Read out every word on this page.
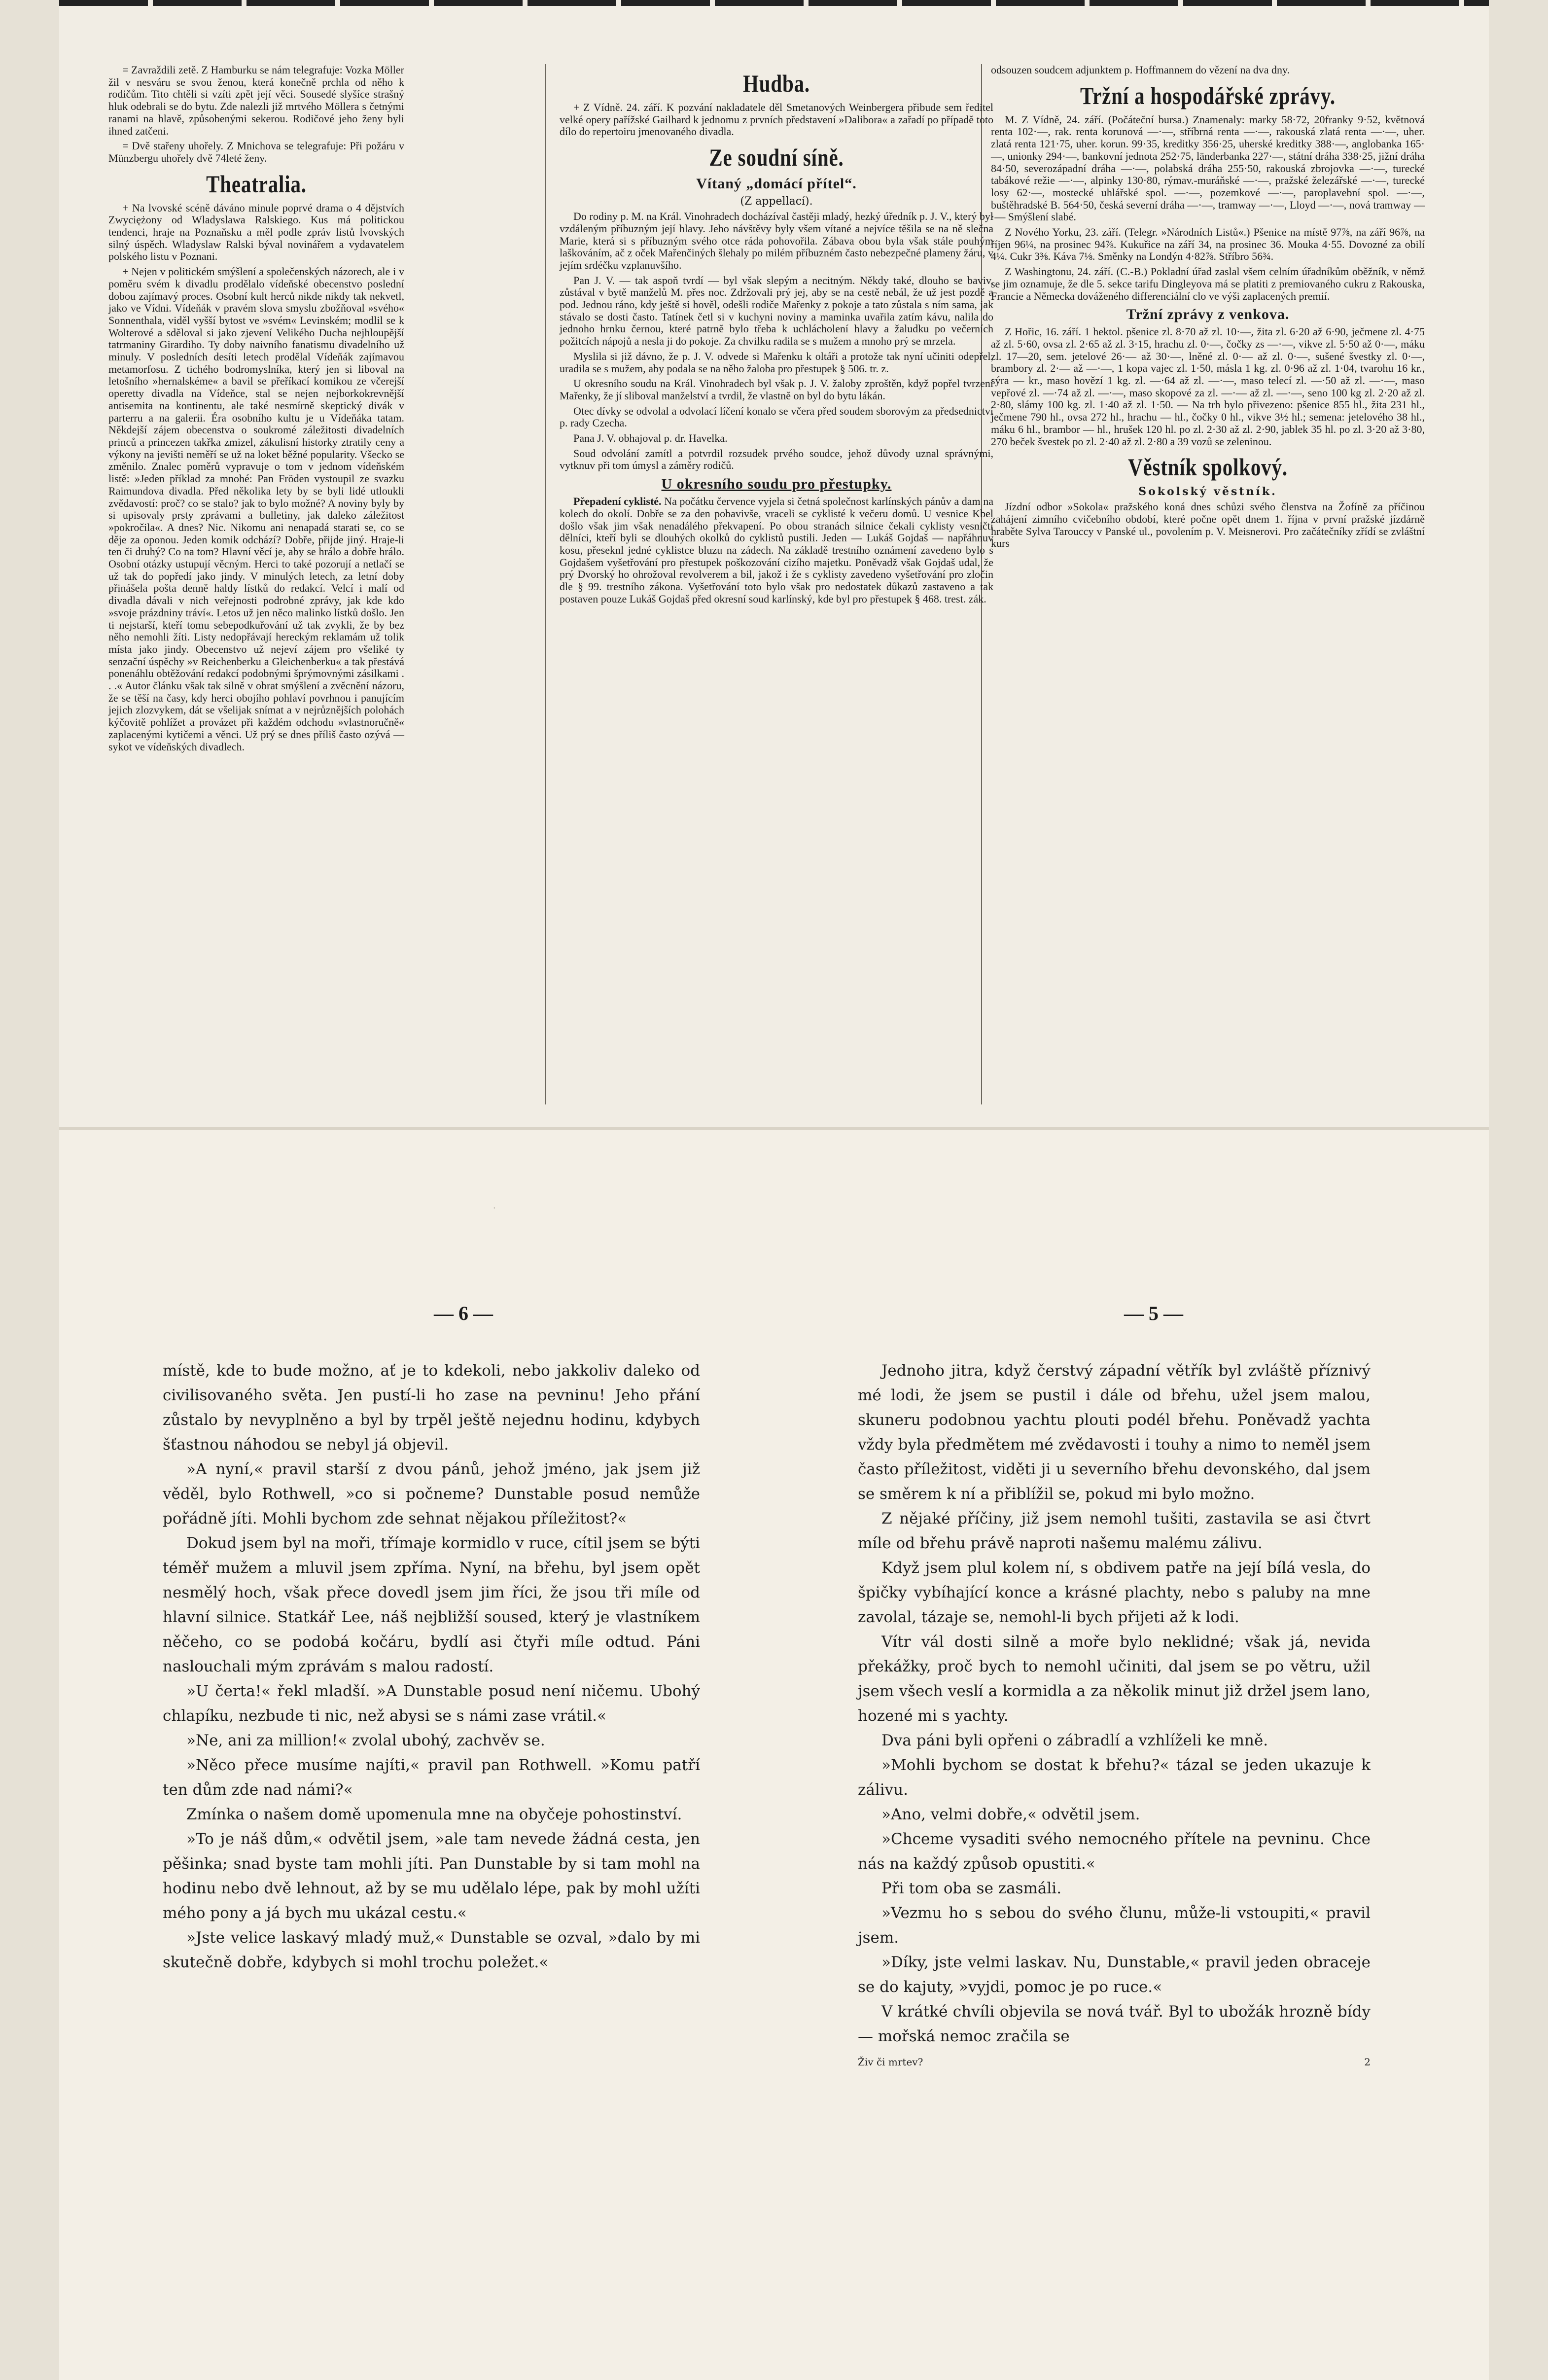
= Zavraždili zetě. Z Hamburku se nám telegrafuje: Vozka Möller žil v nesváru se svou ženou, která konečně prchla od něho k rodičům. Tito chtěli si vzíti zpět její věci. Sousedé slyšíce strašný hluk odebrali se do bytu. Zde nalezli již mrtvého Möllera s četnými ranami na hlavě, způsobenými sekerou. Rodičové jeho ženy byli ihned zatčeni.

= Dvě stařeny uhořely. Z Mnichova se telegrafuje: Při požáru v Münzbergu uhořely dvě 74leté ženy.

Theatralia.

+ Na lvovské scéně dáváno minule poprvé drama o 4 dějstvích Zwyciężony od Wladyslawa Ralskiego. Kus má politickou tendenci, hraje na Poznaňsku a měl podle zpráv listů lvovských silný úspěch. Wladyslaw Ralski býval novinářem a vydavatelem polského listu v Poznani.

+ Nejen v politickém smýšlení a společenských názorech, ale i v poměru svém k divadlu prodělalo vídeňské obecenstvo poslední dobou zajímavý proces. Osobní kult herců nikde nikdy tak nekvetl, jako ve Vídni. Vídeňák v pravém slova smyslu zbožňoval »svého« Sonnenthala, viděl vyšší bytost ve »svém« Levinském; modlil se k Wolterové a sděloval si jako zjevení Velikého Ducha nejhloupější tatrmaniny Girardiho. Ty doby naivního fanatismu divadelního už minuly. V posledních desíti letech prodělal Vídeňák zajímavou metamorfosu. Z tichého bodromyslníka, který jen si liboval na letošního »hernalskéme« a bavil se přeříkací komikou ze včerejší operetty divadla na Vídeňce, stal se nejen nejborkokrevnější antisemita na kontinentu, ale také nesmírně skeptický divák v parterru a na galerii. Éra osobního kultu je u Vídeňáka tatam. Někdejší zájem obecenstva o soukromé záležitosti divadelních princů a princezen takřka zmizel, zákulisní historky ztratily ceny a výkony na jevišti neměří se už na loket běžné popularity. Všecko se změnilo. Znalec poměrů vypravuje o tom v jednom vídeňském listě: »Jeden příklad za mnohé: Pan Fröden vystoupil ze svazku Raimundova divadla. Před několika lety by se byli lidé utloukli zvědavostí: proč? co se stalo? jak to bylo možné? A noviny byly by si upisovaly prsty zprávami a bulletiny, jak daleko záležitost »pokročila«. A dnes? Nic. Nikomu ani nenapadá starati se, co se děje za oponou. Jeden komik odchází? Dobře, přijde jiný. Hraje-li ten či druhý? Co na tom? Hlavní věcí je, aby se hrálo a dobře hrálo. Osobní otázky ustupují věcným. Herci to také pozorují a netlačí se už tak do popředí jako jindy. V minulých letech, za letní doby přinášela pošta denně haldy lístků do redakcí. Velcí i malí od divadla dávali v nich veřejnosti podrobné zprávy, jak kde kdo »svoje prázdniny tráví«. Letos už jen něco malinko lístků došlo. Jen ti nejstarší, kteří tomu sebepodkuřování už tak zvykli, že by bez něho nemohli žíti. Listy nedopřávají hereckým reklamám už tolik místa jako jindy. Obecenstvo už nejeví zájem pro všeliké ty senzační úspěchy »v Reichenberku a Gleichenberku« a tak přestává ponenáhlu obtěžování redakcí podobnými šprýmovnými zásilkami . . .« Autor článku však tak silně v obrat smýšlení a zvěcnění názoru, že se těší na časy, kdy herci obojího pohlaví povrhnou i panujícím jejich zlozvykem, dát se všelijak snímat a v nejrůznějších polohách kýčovitě pohlížet a provázet při každém odchodu »vlastnoručně« zaplacenými kytičemi a věnci. Už prý se dnes příliš často ozývá — sykot ve vídeňských divadlech.

Hudba.

+ Z Vídně. 24. září. K pozvání nakladatele děl Smetanových Weinbergera přibude sem ředitel velké opery pařížské Gailhard k jednomu z prvních představení »Dalibora« a zařadí po případě toto dílo do repertoiru jmenovaného divadla.

Ze soudní síně.
Vítaný „domácí přítel“.
(Z appellací).

Do rodiny p. M. na Král. Vinohradech docházíval častěji mladý, hezký úředník p. J. V., který byl vzdáleným příbuzným její hlavy. Jeho návštěvy byly všem vítané a nejvíce těšila se na ně slečna Marie, která si s příbuzným svého otce ráda pohovořila. Zábava obou byla však stále pouhým laškováním, ač z oček Mařenčiných šlehaly po milém příbuzném často nebezpečné plameny žáru, v jejím srdéčku vzplanuvšího.

Pan J. V. — tak aspoň tvrdí — byl však slepým a necitným. Někdy také, dlouho se baviv, zůstával v bytě manželů M. přes noc. Zdržovali prý jej, aby se na cestě nebál, že už jest pozdě a pod. Jednou ráno, kdy ještě si hověl, odešli rodiče Mařenky z pokoje a tato zůstala s ním sama, jak stávalo se dosti často. Tatínek četl si v kuchyni noviny a maminka uvařila zatím kávu, nalila do jednoho hrnku černou, které patrně bylo třeba k uchlácholení hlavy a žaludku po večerních požitcích nápojů a nesla ji do pokoje. Za chvilku radila se s mužem a mnoho prý se mrzela.

Myslila si již dávno, že p. J. V. odvede si Mařenku k oltáři a protože tak nyní učiniti odepřel, uradila se s mužem, aby podala se na něho žaloba pro přestupek § 506. tr. z.

U okresního soudu na Král. Vinohradech byl však p. J. V. žaloby zproštěn, když popřel tvrzení Mařenky, že jí sliboval manželství a tvrdil, že vlastně on byl do bytu lákán.

Otec dívky se odvolal a odvolací líčení konalo se včera před soudem sborovým za předsednictví p. rady Czecha.

Pana J. V. obhajoval p. dr. Havelka.

Soud odvolání zamítl a potvrdil rozsudek prvého soudce, jehož důvody uznal správnými, vytknuv při tom úmysl a záměry rodičů.

U okresního soudu pro přestupky.

Přepadení cyklisté. Na počátku července vyjela si četná společnost karlínských pánův a dam na kolech do okolí. Dobře se za den pobavivše, vraceli se cyklisté k večeru domů. U vesnice Kbel došlo však jim však nenadálého překvapení. Po obou stranách silnice čekali cyklisty vesničtí dělníci, kteří byli se dlouhých okolků do cyklistů pustili. Jeden — Lukáš Gojdaš — napřáhnuv kosu, přeseknl jedné cyklistce bluzu na zádech. Na základě trestního oznámení zavedeno bylo s Gojdašem vyšetřování pro přestupek poškozování cizího majetku. Poněvadž však Gojdaš udal, že prý Dvorský ho ohrožoval revolverem a bil, jakož i že s cyklisty zavedeno vyšetřování pro zločin dle § 99. trestního zákona. Vyšetřování toto bylo však pro nedostatek důkazů zastaveno a tak postaven pouze Lukáš Gojdaš před okresní soud karlínský, kde byl pro přestupek § 468. trest. zák.

odsouzen soudcem adjunktem p. Hoffmannem do vězení na dva dny.

Tržní a hospodářské zprávy.

M. Z Vídně, 24. září. (Počáteční bursa.) Znamenaly: marky 58·72, 20franky 9·52, květnová renta 102·—, rak. renta korunová —·—, stříbrná renta —·—, rakouská zlatá renta —·—, uher. zlatá renta 121·75, uher. korun. 99·35, kreditky 356·25, uherské kreditky 388·—, anglobanka 165·—, unionky 294·—, bankovní jednota 252·75, länderbanka 227·—, státní dráha 338·25, jižní dráha 84·50, severozápadní dráha —·—, polabská dráha 255·50, rakouská zbrojovka —·—, turecké tabákové režie —·—, alpinky 130·80, rýmav.-muráňské —·—, pražské železářské —·—, turecké losy 62·—, mostecké uhlářské spol. —·—, pozemkové —·—, paroplavební spol. —·—, buštěhradské B. 564·50, česká severní dráha —·—, tramway —·—, Lloyd —·—, nová tramway —·— Smýšlení slabé.

Z Nového Yorku, 23. září. (Telegr. »Národních Listů«.) Pšenice na místě 97⅞, na září 96⅞, na říjen 96¼, na prosinec 94⅞. Kukuřice na září 34, na prosinec 36. Mouka 4·55. Dovozné za obilí 4¼. Cukr 3⅜. Káva 7⅛. Směnky na Londýn 4·82⅞. Stříbro 56¾.

Z Washingtonu, 24. září. (C.-B.) Pokladní úřad zaslal všem celním úřadníkům oběžník, v němž se jim oznamuje, že dle 5. sekce tarifu Dingleyova má se platiti z premiovaného cukru z Rakouska, Francie a Německa dováženého differenciální clo ve výši zaplacených premií.

Tržní zprávy z venkova.

Z Hořic, 16. září. 1 hektol. pšenice zl. 8·70 až zl. 10·—, žita zl. 6·20 až 6·90, ječmene zl. 4·75 až zl. 5·60, ovsa zl. 2·65 až zl. 3·15, hrachu zl. 0·—, čočky zs —·—, vikve zl. 5·50 až 0·—, máku zl. 17—20, sem. jetelové 26·— až 30·—, lněné zl. 0·— až zl. 0·—, sušené švestky zl. 0·—, brambory zl. 2·— až —·—, 1 kopa vajec zl. 1·50, másla 1 kg. zl. 0·96 až zl. 1·04, tvarohu 16 kr., sýra — kr., maso hovězí 1 kg. zl. —·64 až zl. —·—, maso telecí zl. —·50 až zl. —·—, maso vepřové zl. —·74 až zl. —·—, maso skopové za zl. —·— až zl. —·—, seno 100 kg zl. 2·20 až zl. 2·80, slámy 100 kg. zl. 1·40 až zl. 1·50. — Na trh bylo přivezeno: pšenice 855 hl., žita 231 hl., ječmene 790 hl., ovsa 272 hl., hrachu — hl., čočky 0 hl., vikve 3½ hl.; semena: jetelového 38 hl., máku 6 hl., brambor — hl., hrušek 120 hl. po zl. 2·30 až zl. 2·90, jablek 35 hl. po zl. 3·20 až 3·80, 270 beček švestek po zl. 2·40 až zl. 2·80 a 39 vozů se zeleninou.

Věstník spolkový.
Sokolský věstník.

Jízdní odbor »Sokola« pražského koná dnes schůzi svého členstva na Žofíně za příčinou zahájení zimního cvičebního období, které počne opět dnem 1. října v první pražské jízdárně hraběte Sylva Tarouccy v Panské ul., povolením p. V. Meisnerovi. Pro začátečníky zřídí se zvláštní kurs

·
— 6 —	— 5 —

místě, kde to bude možno, ať je to kdekoli, nebo jakkoliv daleko od civilisovaného světa. Jen pustí-li ho zase na pevninu! Jeho přání zůstalo by nevyplněno a byl by trpěl ještě nejednu hodinu, kdybych šťastnou náhodou se nebyl já objevil.

»A nyní,« pravil starší z dvou pánů, jehož jméno, jak jsem již věděl, bylo Rothwell, »co si počneme? Dunstable posud nemůže pořádně jíti. Mohli bychom zde sehnat nějakou příležitost?«

Dokud jsem byl na moři, třímaje kormidlo v ruce, cítil jsem se býti téměř mužem a mluvil jsem zpříma. Nyní, na břehu, byl jsem opět nesmělý hoch, však přece dovedl jsem jim říci, že jsou tři míle od hlavní silnice. Statkář Lee, náš nejbližší soused, který je vlastníkem něčeho, co se podobá kočáru, bydlí asi čtyři míle odtud. Páni naslouchali mým zprávám s malou radostí.

»U čerta!« řekl mladší. »A Dunstable posud není ničemu. Ubohý chlapíku, nezbude ti nic, než abysi se s námi zase vrátil.«

»Ne, ani za million!« zvolal ubohý, zachvěv se.

»Něco přece musíme najíti,« pravil pan Rothwell. »Komu patří ten dům zde nad námi?«

Zmínka o našem domě upomenula mne na obyčeje pohostinství.

»To je náš dům,« odvětil jsem, »ale tam nevede žádná cesta, jen pěšinka; snad byste tam mohli jíti. Pan Dunstable by si tam mohl na hodinu nebo dvě lehnout, až by se mu udělalo lépe, pak by mohl užíti mého pony a já bych mu ukázal cestu.«

»Jste velice laskavý mladý muž,« Dunstable se ozval, »dalo by mi skutečně dobře, kdybych si mohl trochu poležet.«

Jednoho jitra, když čerstvý západní větřík byl zvláště příznivý mé lodi, že jsem se pustil i dále od břehu, užel jsem malou, skuneru podobnou yachtu plouti podél břehu. Poněvadž yachta vždy byla předmětem mé zvědavosti i touhy a nimo to neměl jsem často příležitost, viděti ji u severního břehu devonského, dal jsem se směrem k ní a přiblížil se, pokud mi bylo možno.

Z nějaké příčiny, již jsem nemohl tušiti, zastavila se asi čtvrt míle od břehu právě naproti našemu malému zálivu.

Když jsem plul kolem ní, s obdivem patře na její bílá vesla, do špičky vybíhající konce a krásné plachty, nebo s paluby na mne zavolal, tázaje se, nemohl-li bych přijeti až k lodi.

Vítr vál dosti silně a moře bylo neklidné; však já, nevida překážky, proč bych to nemohl učiniti, dal jsem se po větru, užil jsem všech veslí a kormidla a za několik minut již držel jsem lano, hozené mi s yachty.

Dva páni byli opřeni o zábradlí a vzhlíželi ke mně.

»Mohli bychom se dostat k břehu?« tázal se jeden ukazuje k zálivu.

»Ano, velmi dobře,« odvětil jsem.

»Chceme vysaditi svého nemocného přítele na pevninu. Chce nás na každý způsob opustiti.«

Při tom oba se zasmáli.

»Vezmu ho s sebou do svého člunu, může-li vstoupiti,« pravil jsem.

»Díky, jste velmi laskav. Nu, Dunstable,« pravil jeden obraceje se do kajuty, »vyjdi, pomoc je po ruce.«

V krátké chvíli objevila se nová tvář. Byl to ubožák hrozně bídy — mořská nemoc zračila se

Živ či mrtev?	2
